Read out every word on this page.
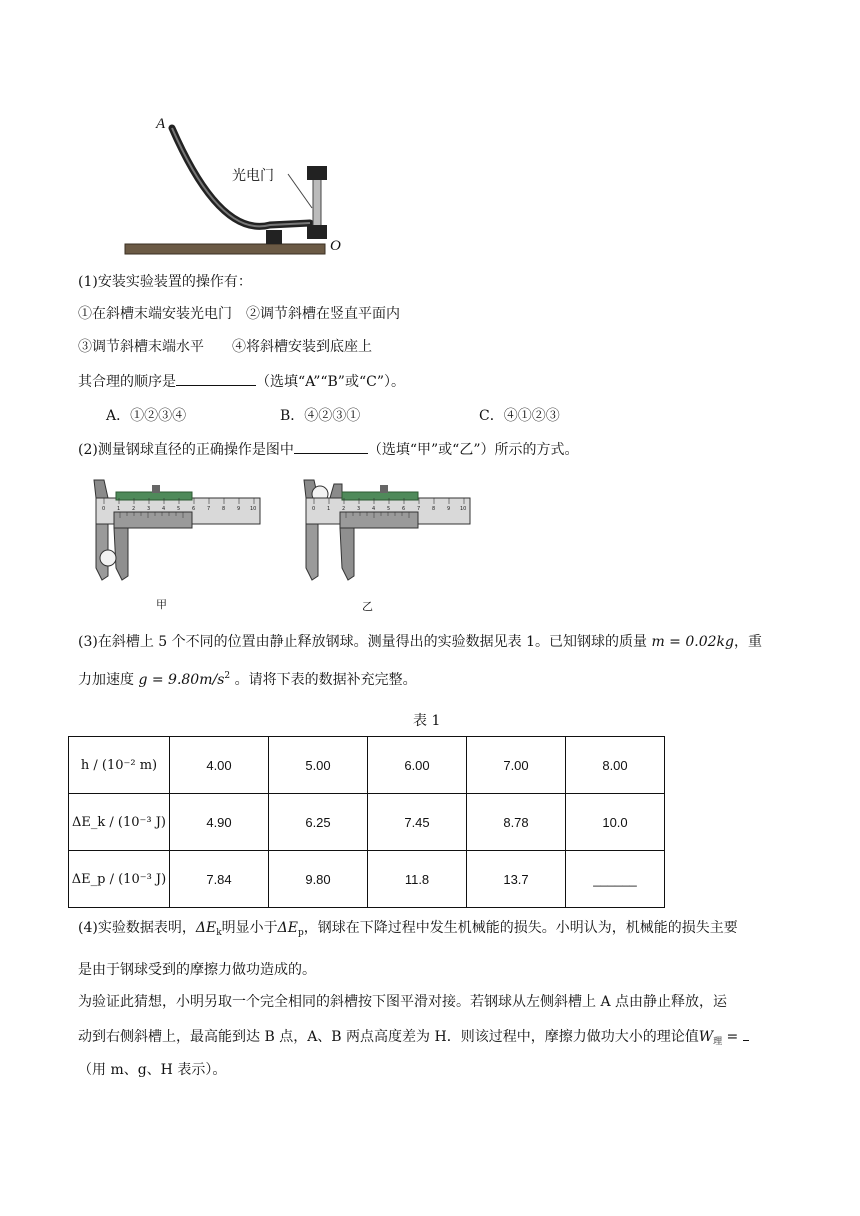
A
O
光电门
(1)安装实验装置的操作有：
①在斜槽末端安装光电门　②调节斜槽在竖直平面内
③调节斜槽末端水平　　④将斜槽安装到底座上
其合理的顺序是	（选填“A”“B”或“C”）。
A．①②③④	B．④②③①	C．④①②③
(2)测量钢球直径的正确操作是图中	（选填“甲”或“乙”）所示的方式。
0 1 2 3 4 5 6 7 8 9 10
甲
0 1 2 3 4 5 6 7 8 9 10
乙
(3)在斜槽上 5 个不同的位置由静止释放钢球。测量得出的实验数据见表 1。已知钢球的质量 m = 0.02kg，重
力加速度 $g = 9.80m/s^2$ 。请将下表的数据补充完整。
表 1
h / (10⁻² m)	4.00	5.00	6.00	7.00	8.00
ΔE_k / (10⁻³ J)	4.90	6.25	7.45	8.78	10.0
ΔE_p / (10⁻³ J)	7.84	9.80	11.8	13.7	______
(4)实验数据表明，$\Delta E_k$明显小于$\Delta E_p$，钢球在下降过程中发生机械能的损失。小明认为，机械能的损失主要
是由于钢球受到的摩擦力做功造成的。
为验证此猜想，小明另取一个完全相同的斜槽按下图平滑对接。若钢球从左侧斜槽上 A 点由静止释放，运
动到右侧斜槽上，最高能到达 B 点，A、B 两点高度差为 H．则该过程中，摩擦力做功大小的理论值$W_理$ =
（用 m、g、H 表示）。
